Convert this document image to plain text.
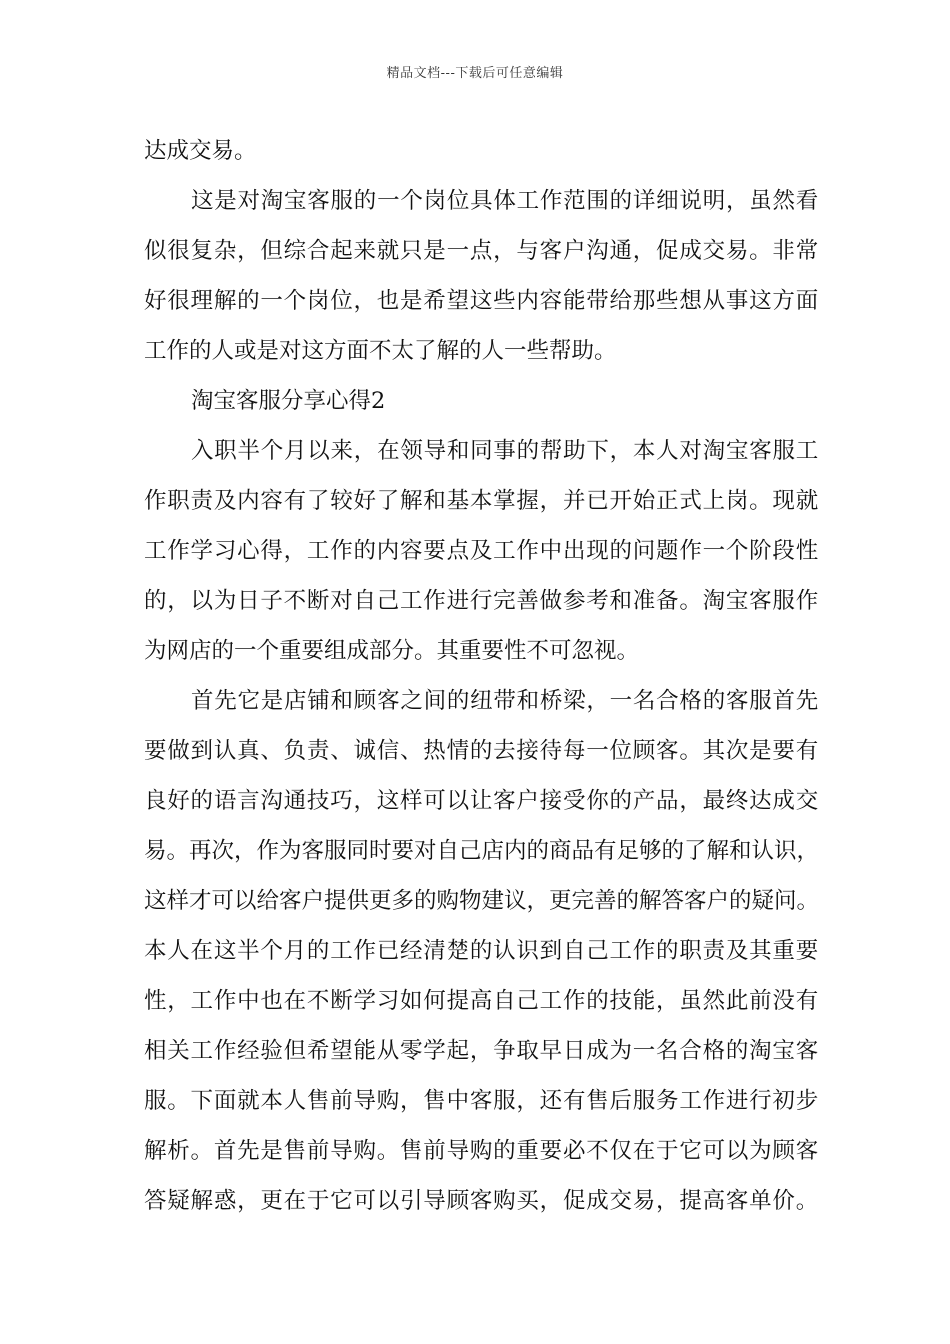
精品文档---下载后可任意编辑
达成交易。
这是对淘宝客服的一个岗位具体工作范围的详细说明，虽然看
似很复杂，但综合起来就只是一点，与客户沟通，促成交易。非常
好很理解的一个岗位，也是希望这些内容能带给那些想从事这方面
工作的人或是对这方面不太了解的人一些帮助。
淘宝客服分享心得2
入职半个月以来，在领导和同事的帮助下，本人对淘宝客服工
作职责及内容有了较好了解和基本掌握，并已开始正式上岗。现就
工作学习心得，工作的内容要点及工作中出现的问题作一个阶段性
的，以为日子不断对自己工作进行完善做参考和准备。淘宝客服作
为网店的一个重要组成部分。其重要性不可忽视。
首先它是店铺和顾客之间的纽带和桥梁，一名合格的客服首先
要做到认真、负责、诚信、热情的去接待每一位顾客。其次是要有
良好的语言沟通技巧，这样可以让客户接受你的产品，最终达成交
易。再次，作为客服同时要对自己店内的商品有足够的了解和认识，
这样才可以给客户提供更多的购物建议，更完善的解答客户的疑问。
本人在这半个月的工作已经清楚的认识到自己工作的职责及其重要
性，工作中也在不断学习如何提高自己工作的技能，虽然此前没有
相关工作经验但希望能从零学起，争取早日成为一名合格的淘宝客
服。下面就本人售前导购，售中客服，还有售后服务工作进行初步
解析。首先是售前导购。售前导购的重要必不仅在于它可以为顾客
答疑解惑，更在于它可以引导顾客购买，促成交易，提高客单价。
